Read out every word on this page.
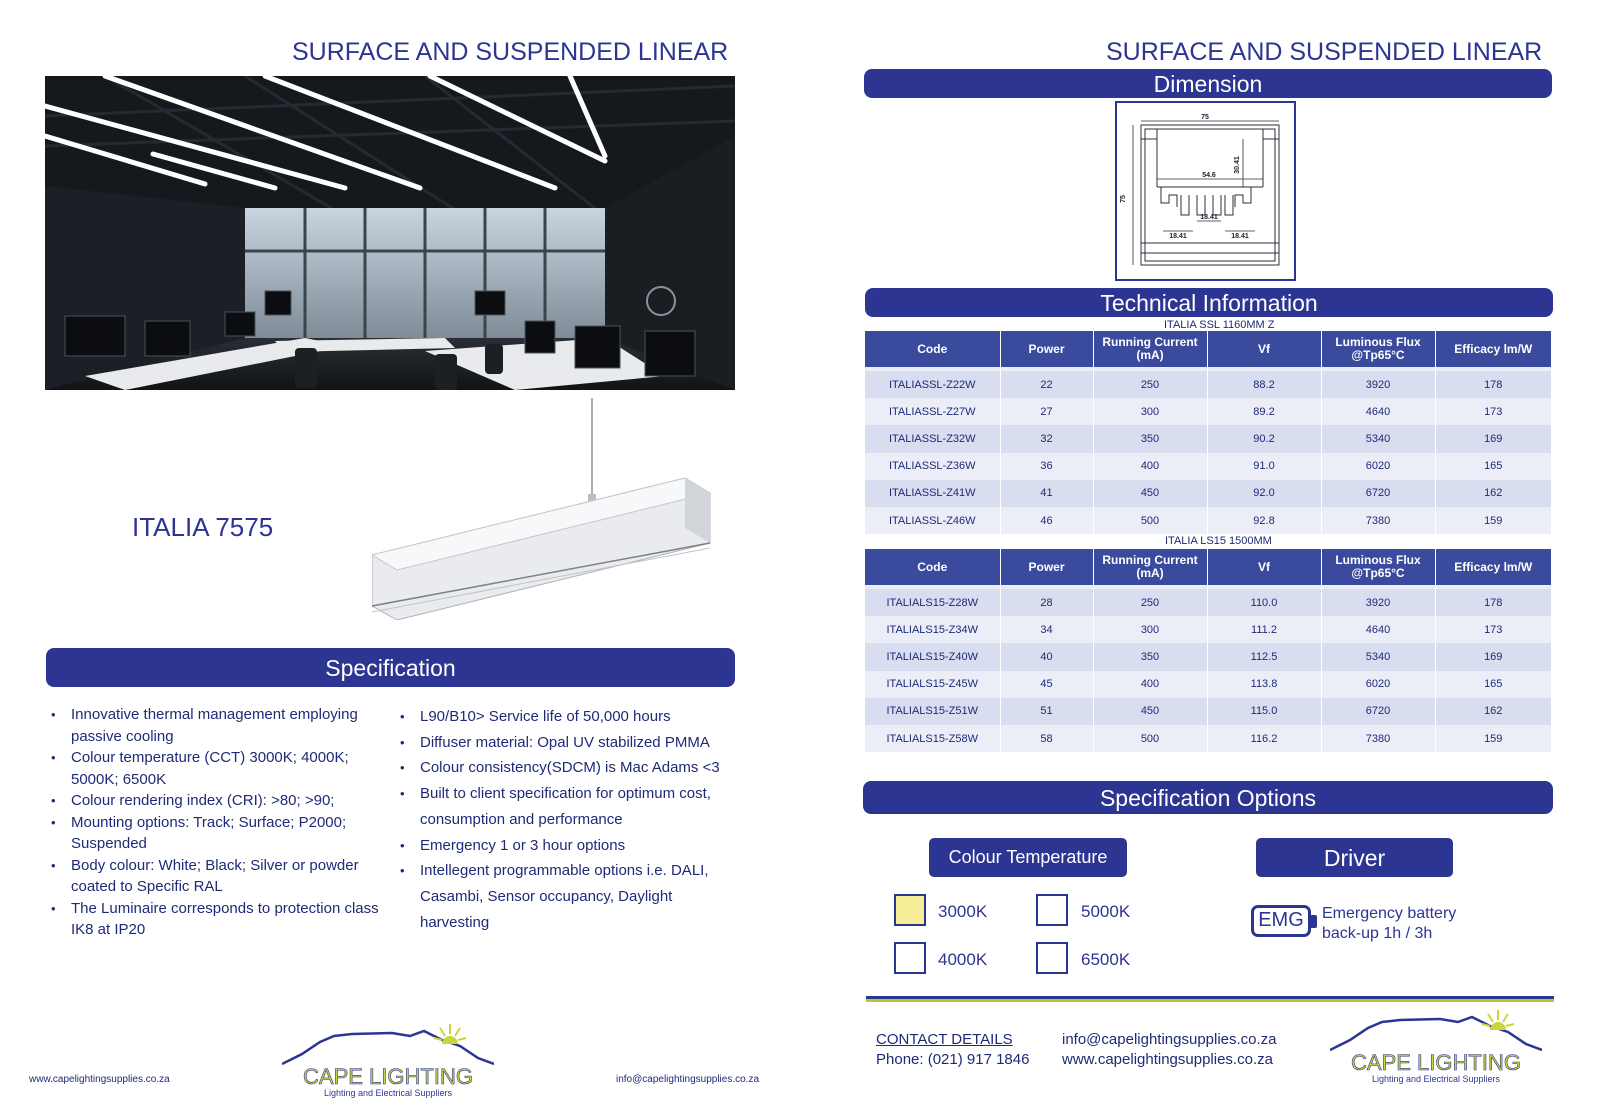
SURFACE AND SUSPENDED LINEAR
ITALIA 7575
Specification
• Innovative thermal management employing passive cooling
• Colour temperature (CCT) 3000K; 4000K; 5000K; 6500K
• Colour rendering index (CRI): >80; >90;
• Mounting options: Track; Surface; P2000; Suspended
• Body colour: White; Black; Silver or powder coated to Specific RAL
• The Luminaire corresponds to protection class IK8 at IP20
• L90/B10> Service life of 50,000 hours
• Diffuser material: Opal UV stabilized PMMA
• Colour consistency(SDCM) is Mac Adams <3
• Built to client specification for optimum cost, consumption and performance
• Emergency 1 or 3 hour options
• Intellegent programmable options i.e. DALI, Casambi, Sensor occupancy, Daylight harvesting
www.capelightingsupplies.co.za	info@capelightingsupplies.co.za
CAPE LIGHTING
Lighting and Electrical Suppliers
SURFACE AND SUSPENDED LINEAR
Dimension
75
75
30.41
54.6
18.41
18.41	18.41
Technical Information
ITALIA SSL 1160MM Z
Code	Power	Running Current (mA)	Vf	Luminous Flux @Tp65°C	Efficacy lm/W

ITALIASSL-Z22W	22	250	88.2	3920	178
ITALIASSL-Z27W	27	300	89.2	4640	173
ITALIASSL-Z32W	32	350	90.2	5340	169
ITALIASSL-Z36W	36	400	91.0	6020	165
ITALIASSL-Z41W	41	450	92.0	6720	162
ITALIASSL-Z46W	46	500	92.8	7380	159
ITALIA LS15 1500MM
Code	Power	Running Current (mA)	Vf	Luminous Flux @Tp65°C	Efficacy lm/W

ITALIALS15-Z28W	28	250	110.0	3920	178
ITALIALS15-Z34W	34	300	111.2	4640	173
ITALIALS15-Z40W	40	350	112.5	5340	169
ITALIALS15-Z45W	45	400	113.8	6020	165
ITALIALS15-Z51W	51	450	115.0	6720	162
ITALIALS15-Z58W	58	500	116.2	7380	159
Specification Options
Colour Temperature	Driver
3000K	5000K
4000K	6500K
EMG	Emergency battery
back-up 1h / 3h
CONTACT DETAILS
Phone: (021) 917 1846
info@capelightingsupplies.co.za
www.capelightingsupplies.co.za	CAPE LIGHTING
Lighting and Electrical Suppliers
